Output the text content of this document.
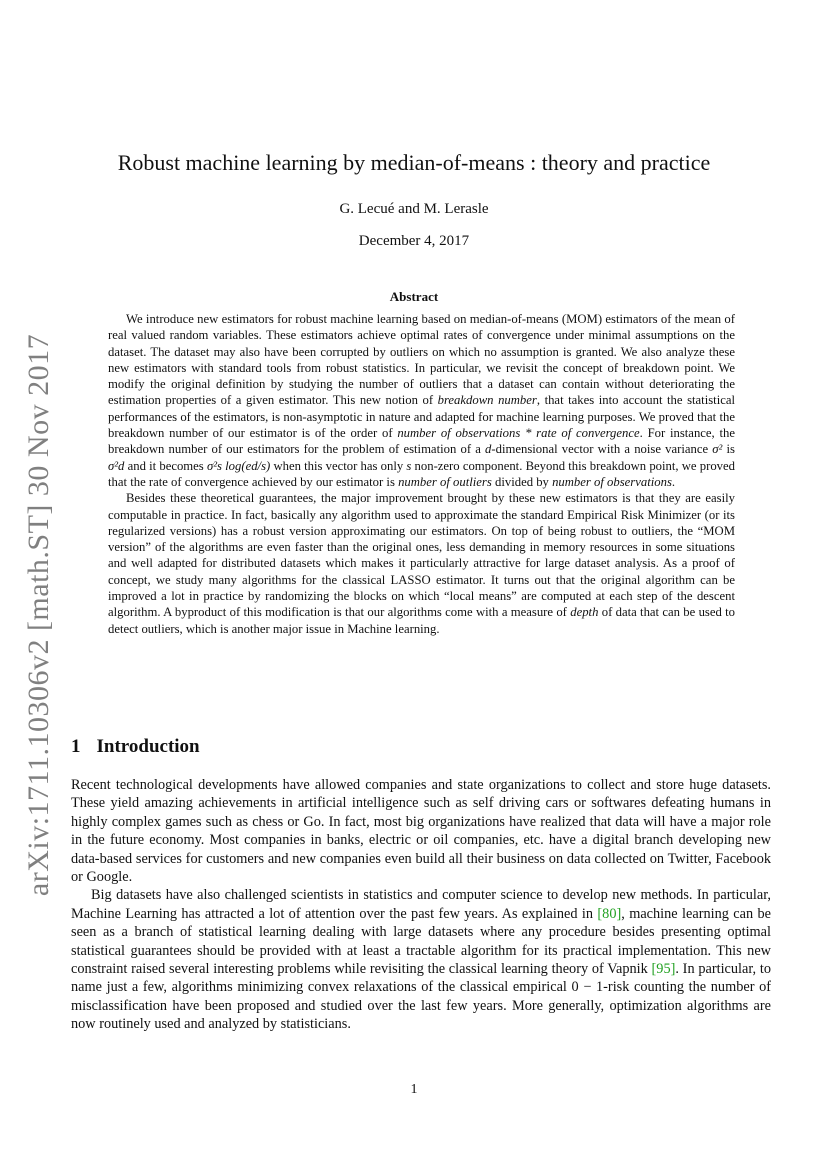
arXiv:1711.10306v2 [math.ST] 30 Nov 2017
Robust machine learning by median-of-means : theory and practice
G. Lecué and M. Lerasle
December 4, 2017
Abstract

We introduce new estimators for robust machine learning based on median-of-means (MOM) estimators of the mean of real valued random variables. These estimators achieve optimal rates of convergence under minimal assumptions on the dataset. The dataset may also have been corrupted by outliers on which no assumption is granted. We also analyze these new estimators with standard tools from robust statistics. In particular, we revisit the concept of breakdown point. We modify the original definition by studying the number of outliers that a dataset can contain without deteriorating the estimation properties of a given estimator. This new notion of breakdown number, that takes into account the statistical performances of the estimators, is non-asymptotic in nature and adapted for machine learning purposes. We proved that the breakdown number of our estimator is of the order of number of observations * rate of convergence. For instance, the breakdown number of our estimators for the problem of estimation of a d-dimensional vector with a noise variance σ² is σ²d and it becomes σ²s log(ed/s) when this vector has only s non-zero component. Beyond this breakdown point, we proved that the rate of convergence achieved by our estimator is number of outliers divided by number of observations.

Besides these theoretical guarantees, the major improvement brought by these new estimators is that they are easily computable in practice. In fact, basically any algorithm used to approximate the standard Empirical Risk Minimizer (or its regularized versions) has a robust version approximating our estimators. On top of being robust to outliers, the “MOM version” of the algorithms are even faster than the original ones, less demanding in memory resources in some situations and well adapted for distributed datasets which makes it particularly attractive for large dataset analysis. As a proof of concept, we study many algorithms for the classical LASSO estimator. It turns out that the original algorithm can be improved a lot in practice by randomizing the blocks on which “local means” are computed at each step of the descent algorithm. A byproduct of this modification is that our algorithms come with a measure of depth of data that can be used to detect outliers, which is another major issue in Machine learning.

1 Introduction

Recent technological developments have allowed companies and state organizations to collect and store huge datasets. These yield amazing achievements in artificial intelligence such as self driving cars or softwares defeating humans in highly complex games such as chess or Go. In fact, most big organizations have realized that data will have a major role in the future economy. Most companies in banks, electric or oil companies, etc. have a digital branch developing new data-based services for customers and new companies even build all their business on data collected on Twitter, Facebook or Google.

Big datasets have also challenged scientists in statistics and computer science to develop new methods. In particular, Machine Learning has attracted a lot of attention over the past few years. As explained in [80], machine learning can be seen as a branch of statistical learning dealing with large datasets where any procedure besides presenting optimal statistical guarantees should be provided with at least a tractable algorithm for its practical implementation. This new constraint raised several interesting problems while revisiting the classical learning theory of Vapnik [95]. In particular, to name just a few, algorithms minimizing convex relaxations of the classical empirical 0 − 1-risk counting the number of misclassification have been proposed and studied over the last few years. More generally, optimization algorithms are now routinely used and analyzed by statisticians.

1
